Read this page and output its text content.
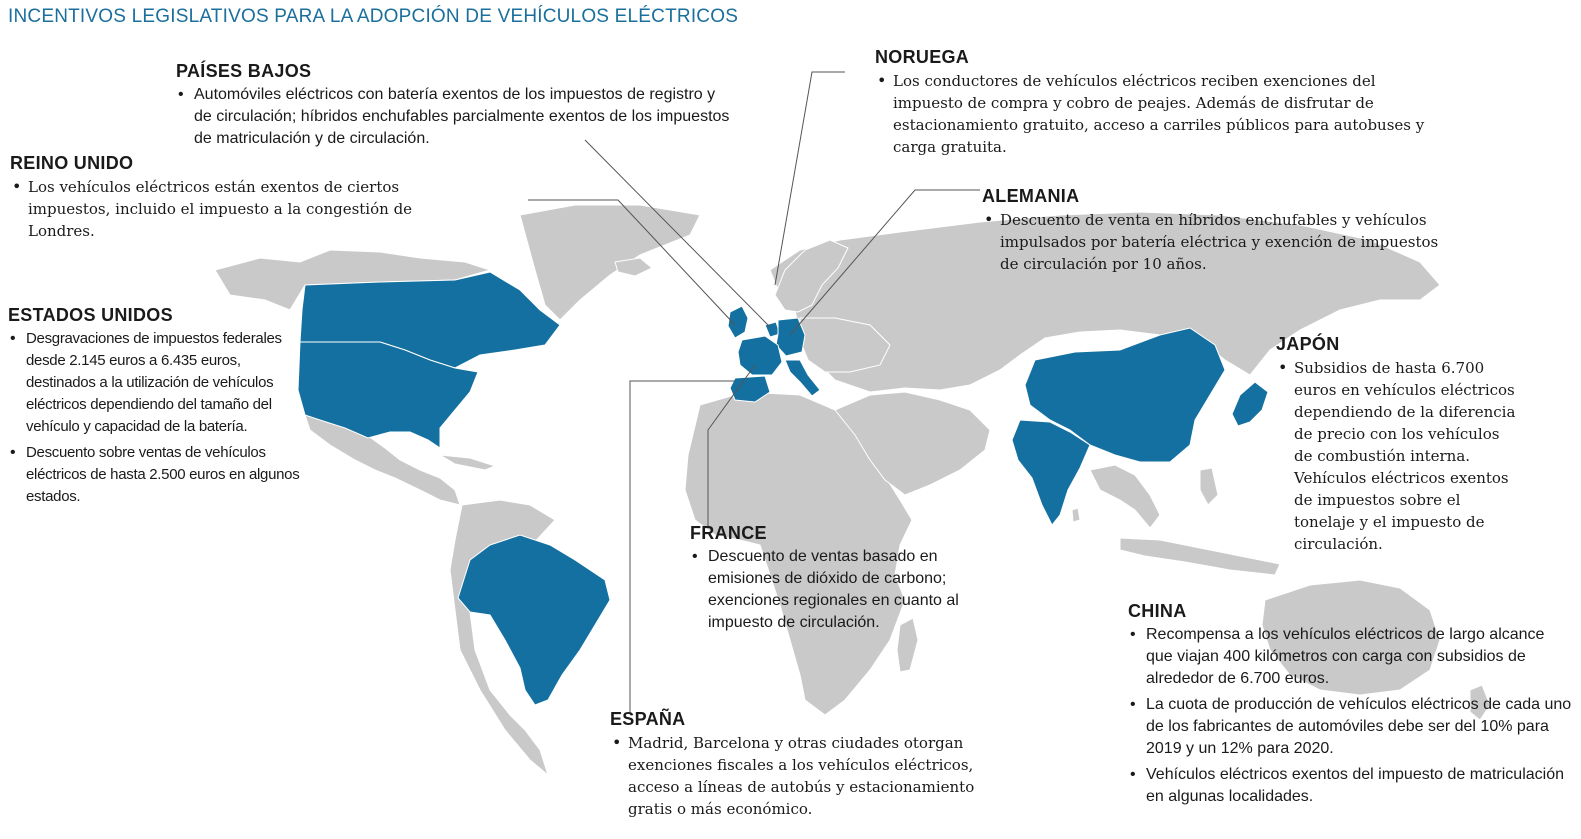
INCENTIVOS LEGISLATIVOS PARA LA ADOPCIÓN DE VEHÍCULOS ELÉCTRICOS
PAÍSES BAJOS
• Automóviles eléctricos con batería exentos de los impuestos de registro y de circulación; híbridos enchufables parcialmente exentos de los impuestos de matriculación y de circulación.
REINO UNIDO
• Los vehículos eléctricos están exentos de ciertos impuestos, incluido el impuesto a la congestión de Londres.
ESTADOS UNIDOS
• Desgravaciones de impuestos federales desde 2.145 euros a 6.435 euros, destinados a la utilización de vehículos eléctricos dependiendo del tamaño del vehículo y capacidad de la batería.
• Descuento sobre ventas de vehículos eléctricos de hasta 2.500 euros en algunos estados.
NORUEGA
• Los conductores de vehículos eléctricos reciben exenciones del impuesto de compra y cobro de peajes. Además de disfrutar de estacionamiento gratuito, acceso a carriles públicos para autobuses y carga gratuita.
ALEMANIA
• Descuento de venta en híbridos enchufables y vehículos impulsados por batería eléctrica y exención de impuestos de circulación por 10 años.
JAPÓN
• Subsidios de hasta 6.700 euros en vehículos eléctricos dependiendo de la diferencia de precio con los vehículos de combustión interna. Vehículos eléctricos exentos de impuestos sobre el tonelaje y el impuesto de circulación.
FRANCE
• Descuento de ventas basado en emisiones de dióxido de carbono; exenciones regionales en cuanto al impuesto de circulación.
CHINA
• Recompensa a los vehículos eléctricos de largo alcance que viajan 400 kilómetros con carga con subsidios de alrededor de 6.700 euros.
• La cuota de producción de vehículos eléctricos de cada uno de los fabricantes de automóviles debe ser del 10% para 2019 y un 12% para 2020.
• Vehículos eléctricos exentos del impuesto de matriculación en algunas localidades.
ESPAÑA
• Madrid, Barcelona y otras ciudades otorgan exenciones fiscales a los vehículos eléctricos, acceso a líneas de autobús y estacionamiento gratis o más económico.
